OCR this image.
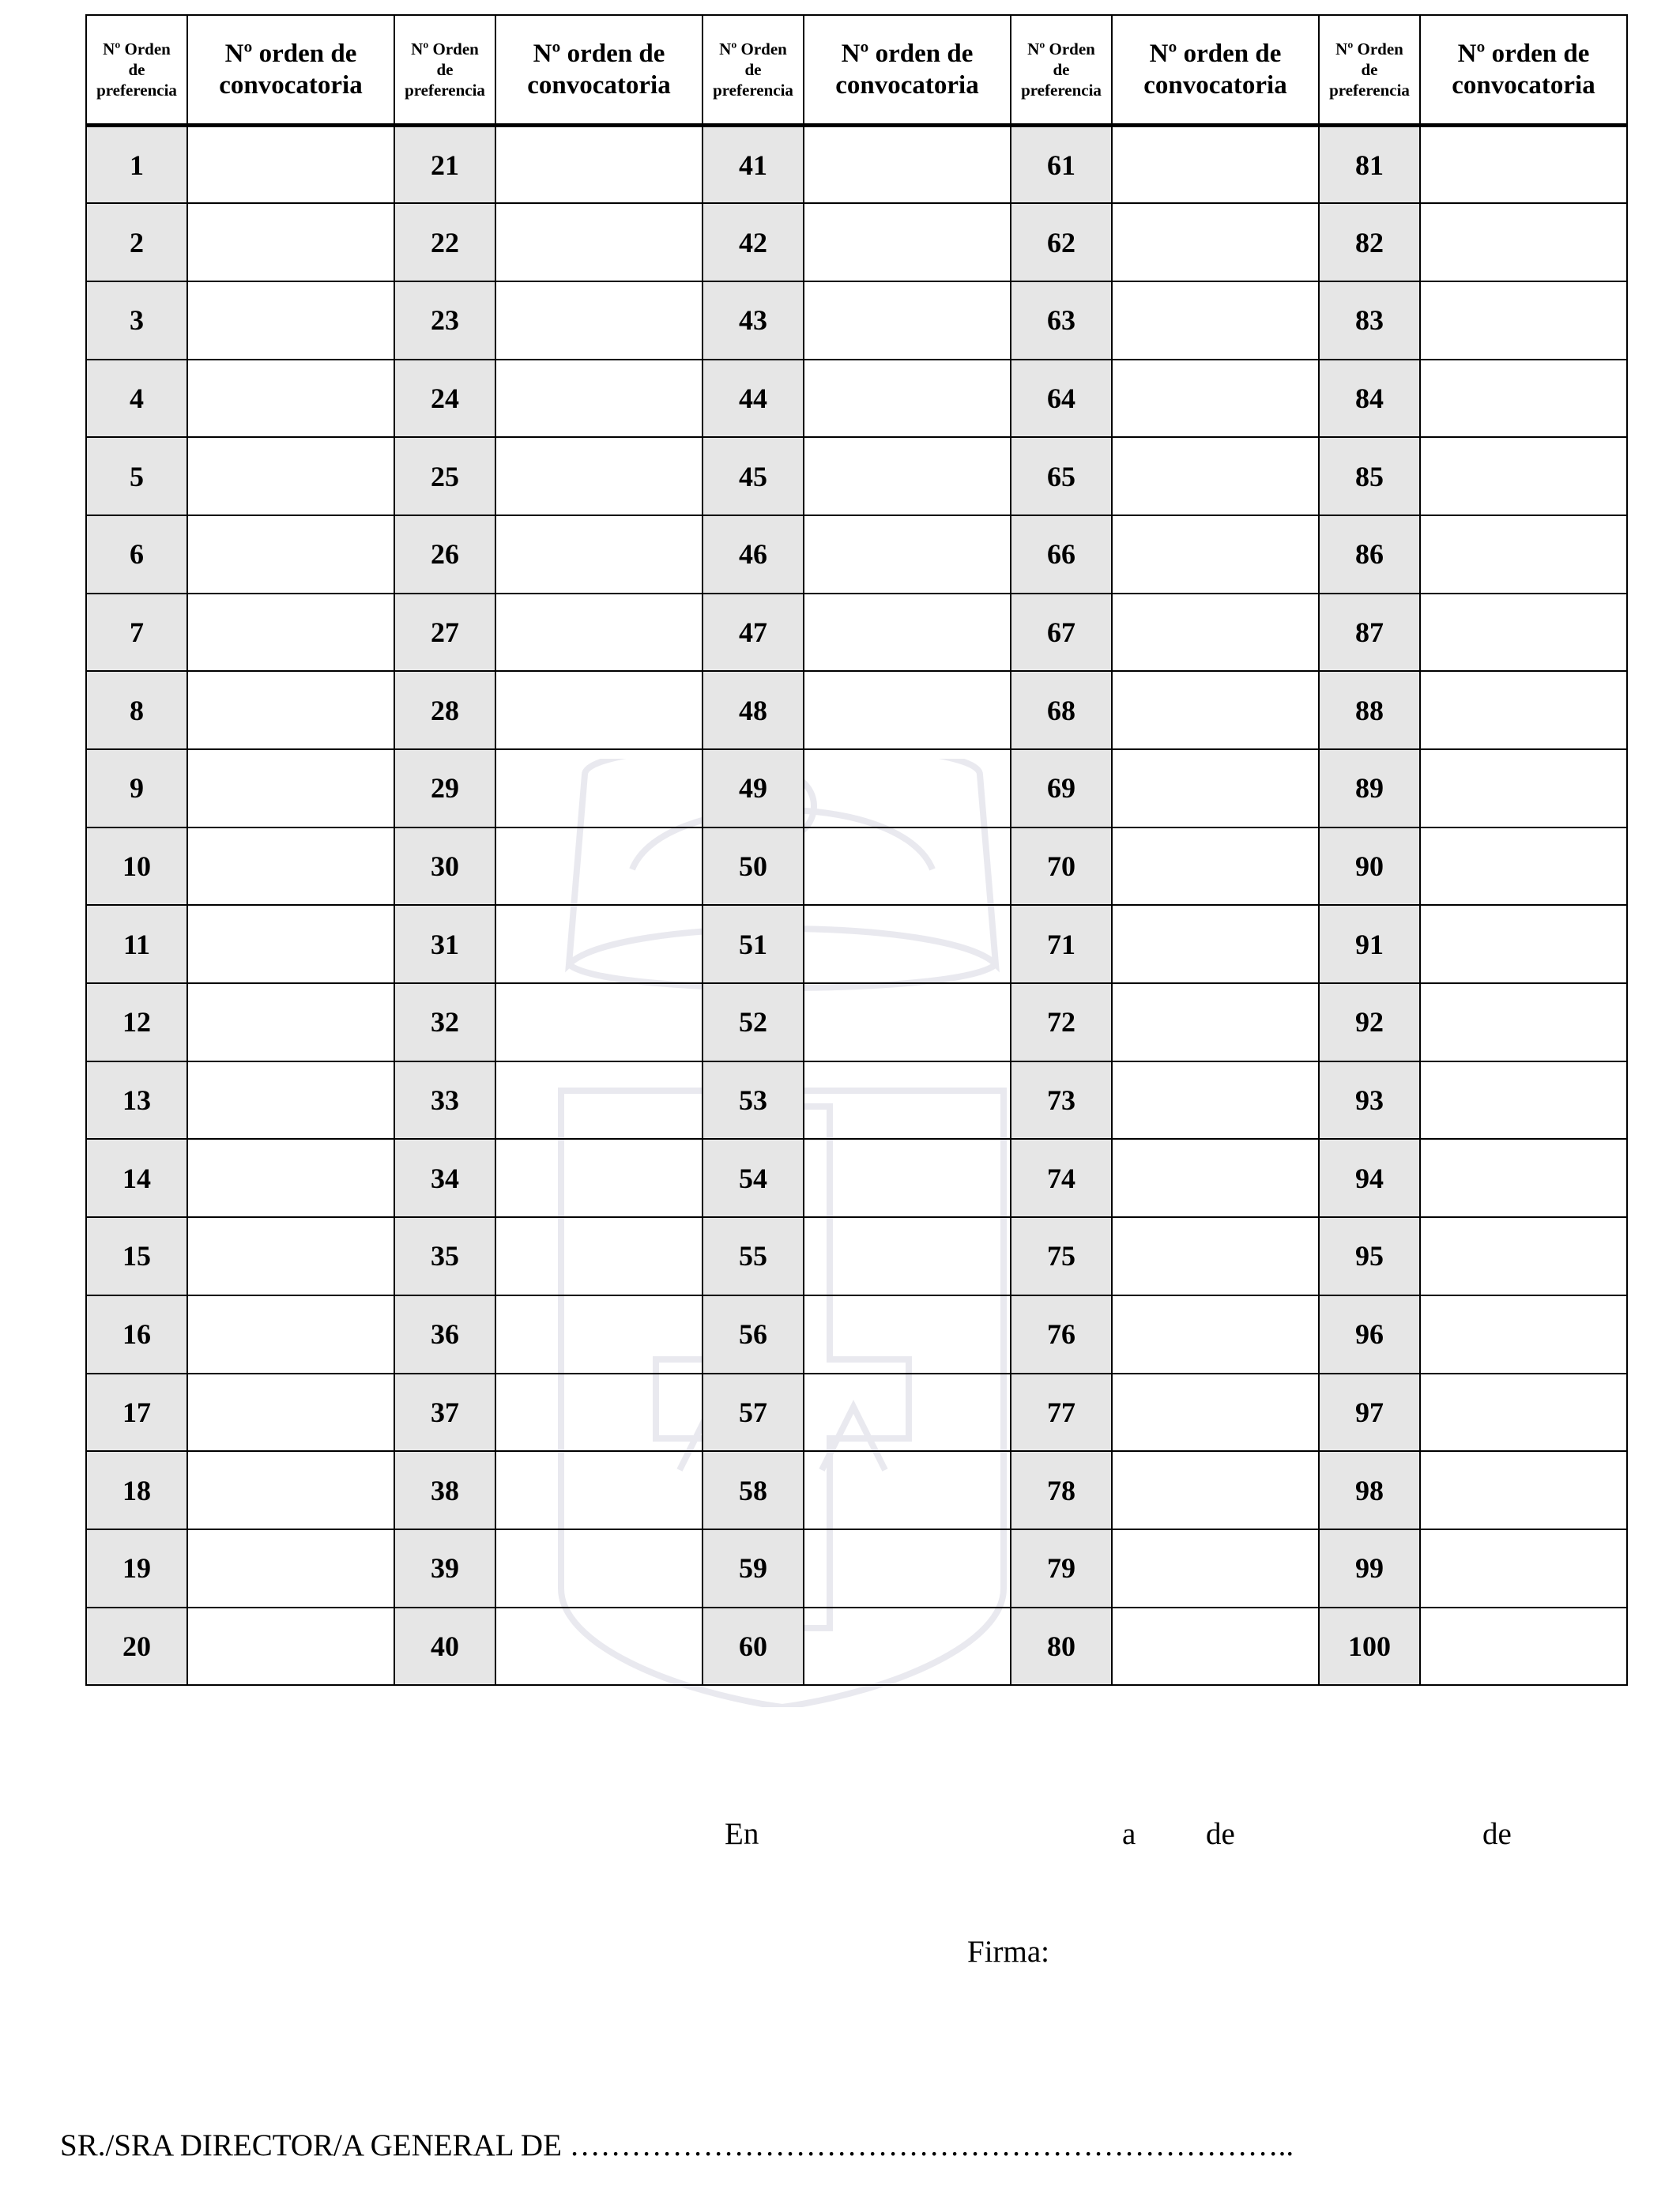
Nº Orden
de
preferencia	Nº orden de
convocatoria	Nº Orden
de
preferencia	Nº orden de
convocatoria	Nº Orden
de
preferencia	Nº orden de
convocatoria	Nº Orden
de
preferencia	Nº orden de
convocatoria	Nº Orden
de
preferencia	Nº orden de
convocatoria
1		21		41		61		81	
2		22		42		62		82	
3		23		43		63		83	
4		24		44		64		84	
5		25		45		65		85	
6		26		46		66		86	
7		27		47		67		87	
8		28		48		68		88	
9		29		49		69		89	
10		30		50		70		90	
11		31		51		71		91	
12		32		52		72		92	
13		33		53		73		93	
14		34		54		74		94	
15		35		55		75		95	
16		36		56		76		96	
17		37		57		77		97	
18		38		58		78		98	
19		39		59		79		99	
20		40		60		80		100	
En	a de	de
Firma:
SR./SRA DIRECTOR/A GENERAL DE ……………………………………………………………..
